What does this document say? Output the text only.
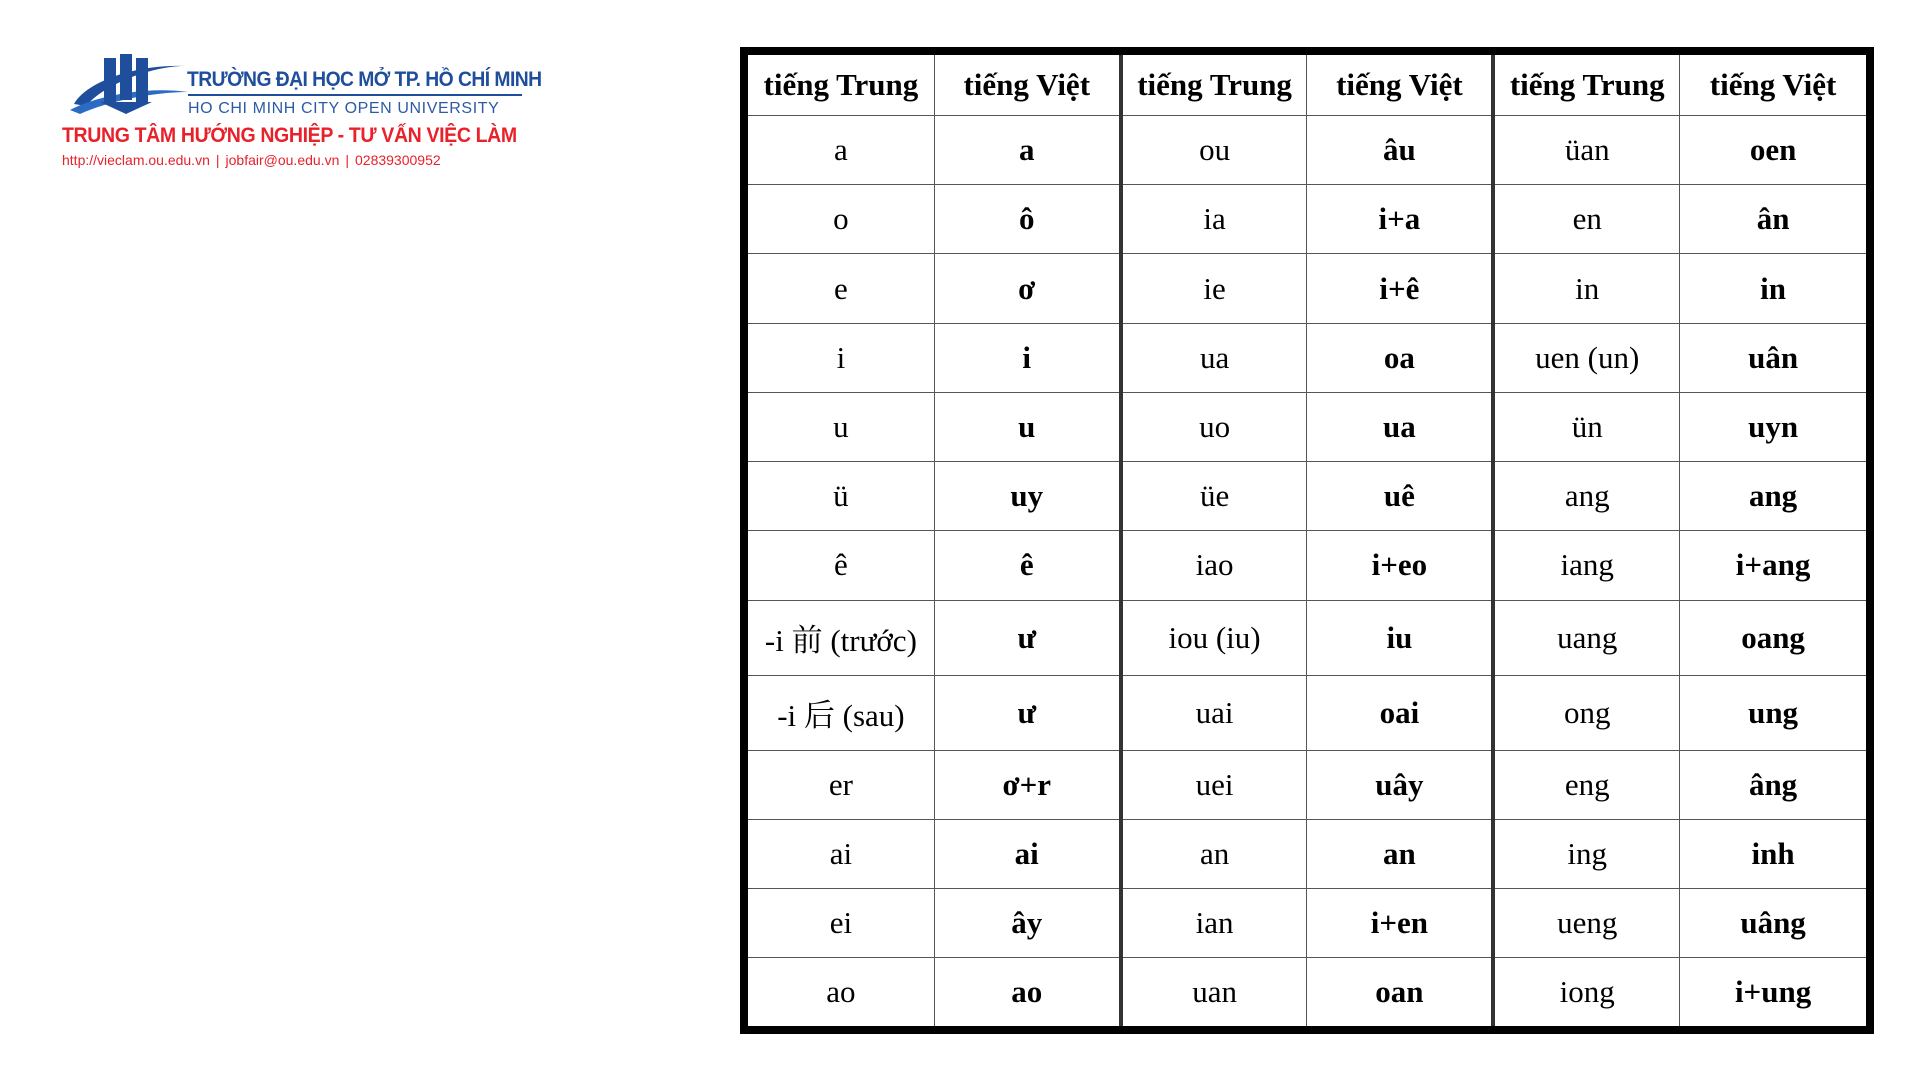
TRƯỜNG ĐẠI HỌC MỞ TP. HỒ CHÍ MINH
HO CHI MINH CITY OPEN UNIVERSITY
TRUNG TÂM HƯỚNG NGHIỆP - TƯ VẤN VIỆC LÀM
http://vieclam.ou.edu.vn | jobfair@ou.edu.vn | 02839300952
tiếng Trung	tiếng Việt	tiếng Trung	tiếng Việt	tiếng Trung	tiếng Việt
a	a	ou	âu	üan	oen
o	ô	ia	i+a	en	ân
e	ơ	ie	i+ê	in	in
i	i	ua	oa	uen (un)	uân
u	u	uo	ua	ün	uyn
ü	uy	üe	uê	ang	ang
ê	ê	iao	i+eo	iang	i+ang
-i 前 (trước)	ư	iou (iu)	iu	uang	oang
-i 后 (sau)	ư	uai	oai	ong	ung
er	ơ+r	uei	uây	eng	âng
ai	ai	an	an	ing	inh
ei	ây	ian	i+en	ueng	uâng
ao	ao	uan	oan	iong	i+ung
